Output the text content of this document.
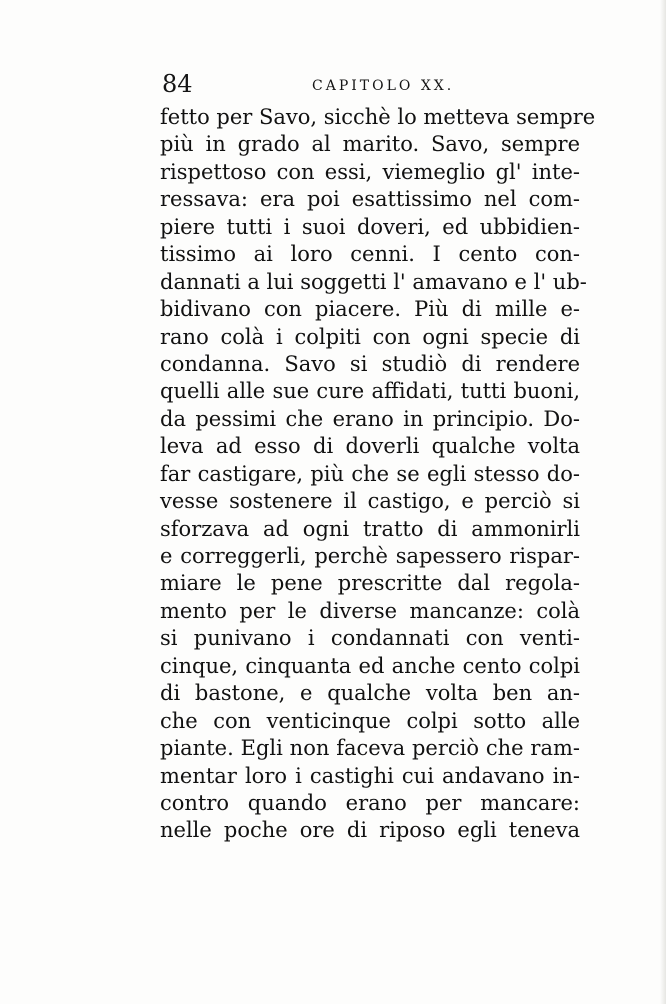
84	CAPITOLO XX.
fetto per Savo, sicchè lo metteva sempre
più in grado al marito. Savo, sempre
rispettoso con essi, viemeglio gl' inte-
ressava: era poi esattissimo nel com-
piere tutti i suoi doveri, ed ubbidien-
tissimo ai loro cenni. I cento con-
dannati a lui soggetti l' amavano e l' ub-
bidivano con piacere. Più di mille e-
rano colà i colpiti con ogni specie di
condanna. Savo si studiò di rendere
quelli alle sue cure affidati, tutti buoni,
da pessimi che erano in principio. Do-
leva ad esso di doverli qualche volta
far castigare, più che se egli stesso do-
vesse sostenere il castigo, e perciò si
sforzava ad ogni tratto di ammonirli
e correggerli, perchè sapessero rispar-
miare le pene prescritte dal regola-
mento per le diverse mancanze: colà
si punivano i condannati con venti-
cinque, cinquanta ed anche cento colpi
di bastone, e qualche volta ben an-
che con venticinque colpi sotto alle
piante. Egli non faceva perciò che ram-
mentar loro i castighi cui andavano in-
contro quando erano per mancare:
nelle poche ore di riposo egli teneva
